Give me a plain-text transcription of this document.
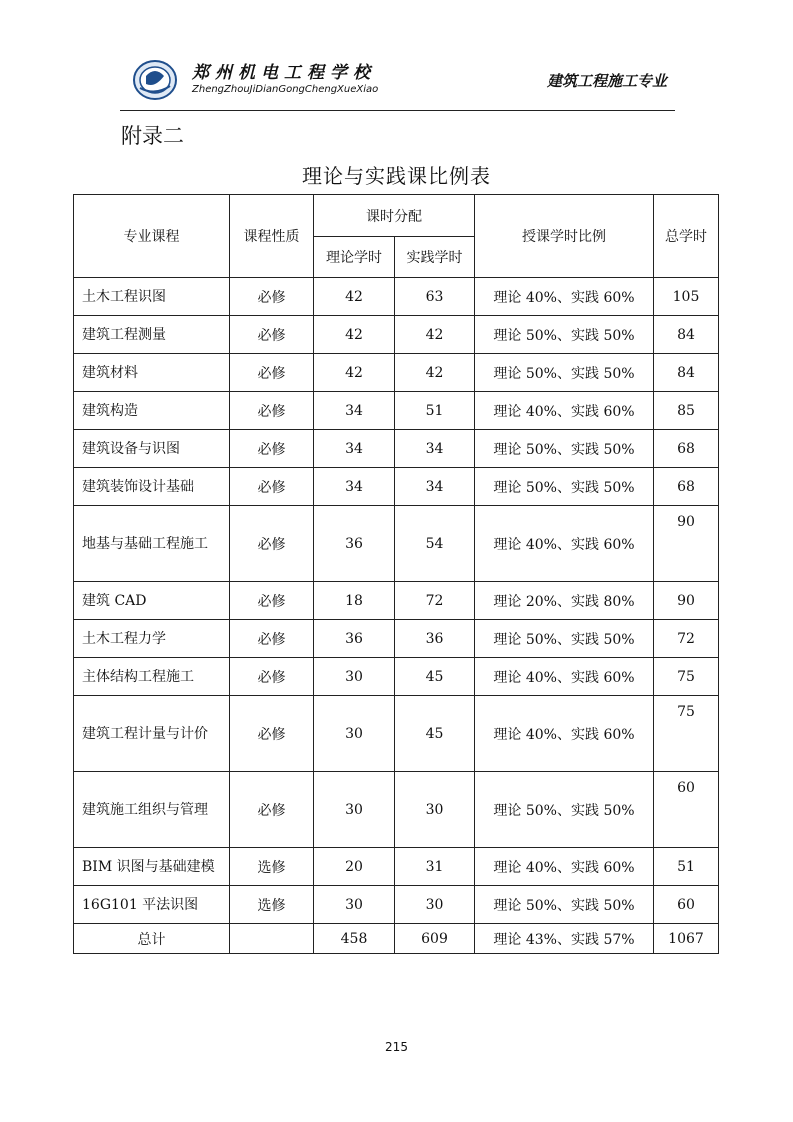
郑州机电工程学校
ZhengZhouJiDianGongChengXueXiao	建筑工程施工专业
附录二
理论与实践课比例表
专业课程	课程性质	课时分配		授课学时比例	总学时
		理论学时	实践学时		
土木工程识图	必修	42	63	理论 40%、实践 60%	105
建筑工程测量	必修	42	42	理论 50%、实践 50%	84
建筑材料	必修	42	42	理论 50%、实践 50%	84
建筑构造	必修	34	51	理论 40%、实践 60%	85
建筑设备与识图	必修	34	34	理论 50%、实践 50%	68
建筑装饰设计基础	必修	34	34	理论 50%、实践 50%	68
地基与基础工程施工	必修	36	54	理论 40%、实践 60%	90
建筑 CAD	必修	18	72	理论 20%、实践 80%	90
土木工程力学	必修	36	36	理论 50%、实践 50%	72
主体结构工程施工	必修	30	45	理论 40%、实践 60%	75
建筑工程计量与计价	必修	30	45	理论 40%、实践 60%	75
建筑施工组织与管理	必修	30	30	理论 50%、实践 50%	60
BIM 识图与基础建模	选修	20	31	理论 40%、实践 60%	51
16G101 平法识图	选修	30	30	理论 50%、实践 50%	60
总计		458	609	理论 43%、实践 57%	1067
215
